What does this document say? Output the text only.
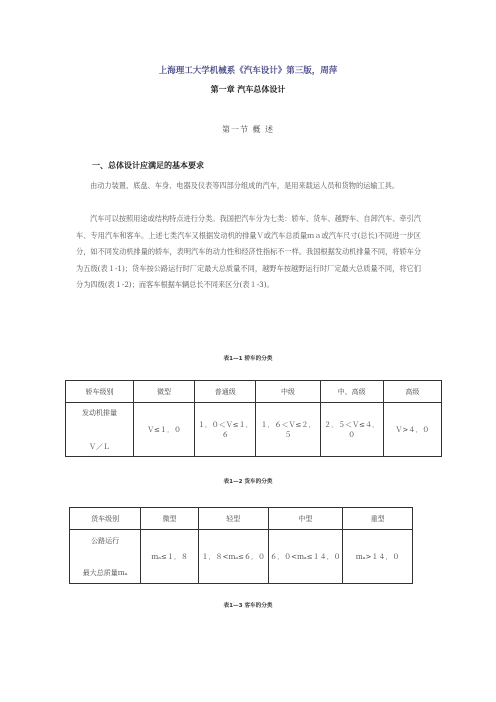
上海理工大学机械系《汽车设计》第三版，周萍
第一章 汽车总体设计
第一节 概 述
一、总体设计应满足的基本要求
由动力装置、底盘、车身、电器及仪表等四部分组成的汽车，是用来载运人员和货物的运输工具。
汽车可以按照用途或结构特点进行分类。我国把汽车分为七类：轿车、货车、越野车、自卸汽车、牵引汽车、专用汽车和客车。上述七类汽车又根据发动机的排量Ｖ或汽车总质量ｍａ或汽车尺寸(总长)不同进一步区分，如不同发动机排量的轿车，表明汽车的动力性和经济性指标不一样。我国根据发动机排量不同，将轿车分为五级(表１-1)；货车按公路运行时厂定最大总质量不同，越野车按越野运行时厂定最大总质量不同，将它们分为四级(表１-2)；而客车根据车辆总长不同来区分(表１-3)。
表1—1 轿车的分类
轿车级别	微型	普通级	中级	中、高级	高级

发动机排量
Ｖ／Ｌ	Ｖ≤１．０	１．０＜Ｖ≤１．６	１．６＜Ｖ≤２．５	２．５＜Ｖ≤４．０	Ｖ>４．０
表1—2 货车的分类
货车级别	微型	轻型	中型	重型

公路运行
最大总质量ｍₐ	ｍₐ≤１．８	１．８<ｍₐ≤６．０	６．０<ｍₐ≤１４．０	ｍₐ>１４．０
表1—3 客车的分类
